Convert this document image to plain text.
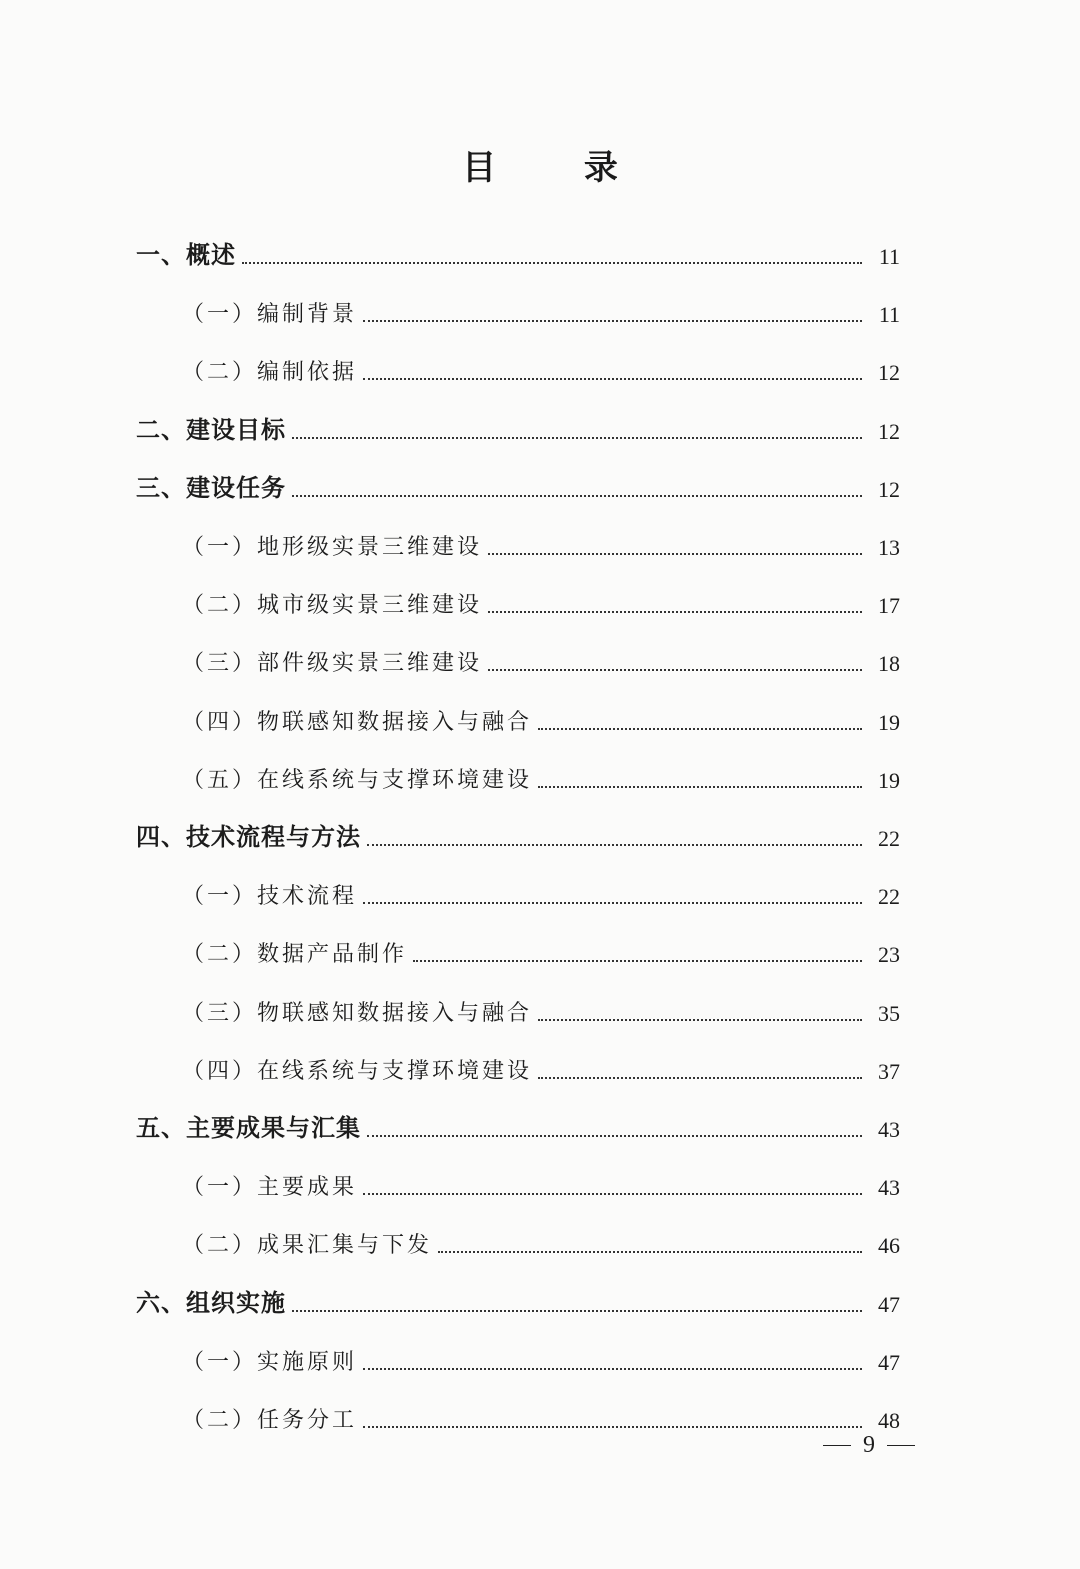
目 录
一、概述	11
（一）编制背景	11
（二）编制依据	12
二、建设目标	12
三、建设任务	12
（一）地形级实景三维建设	13
（二）城市级实景三维建设	17
（三）部件级实景三维建设	18
（四）物联感知数据接入与融合	19
（五）在线系统与支撑环境建设	19
四、技术流程与方法	22
（一）技术流程	22
（二）数据产品制作	23
（三）物联感知数据接入与融合	35
（四）在线系统与支撑环境建设	37
五、主要成果与汇集	43
（一）主要成果	43
（二）成果汇集与下发	46
六、组织实施	47
（一）实施原则	47
（二）任务分工	48
9
